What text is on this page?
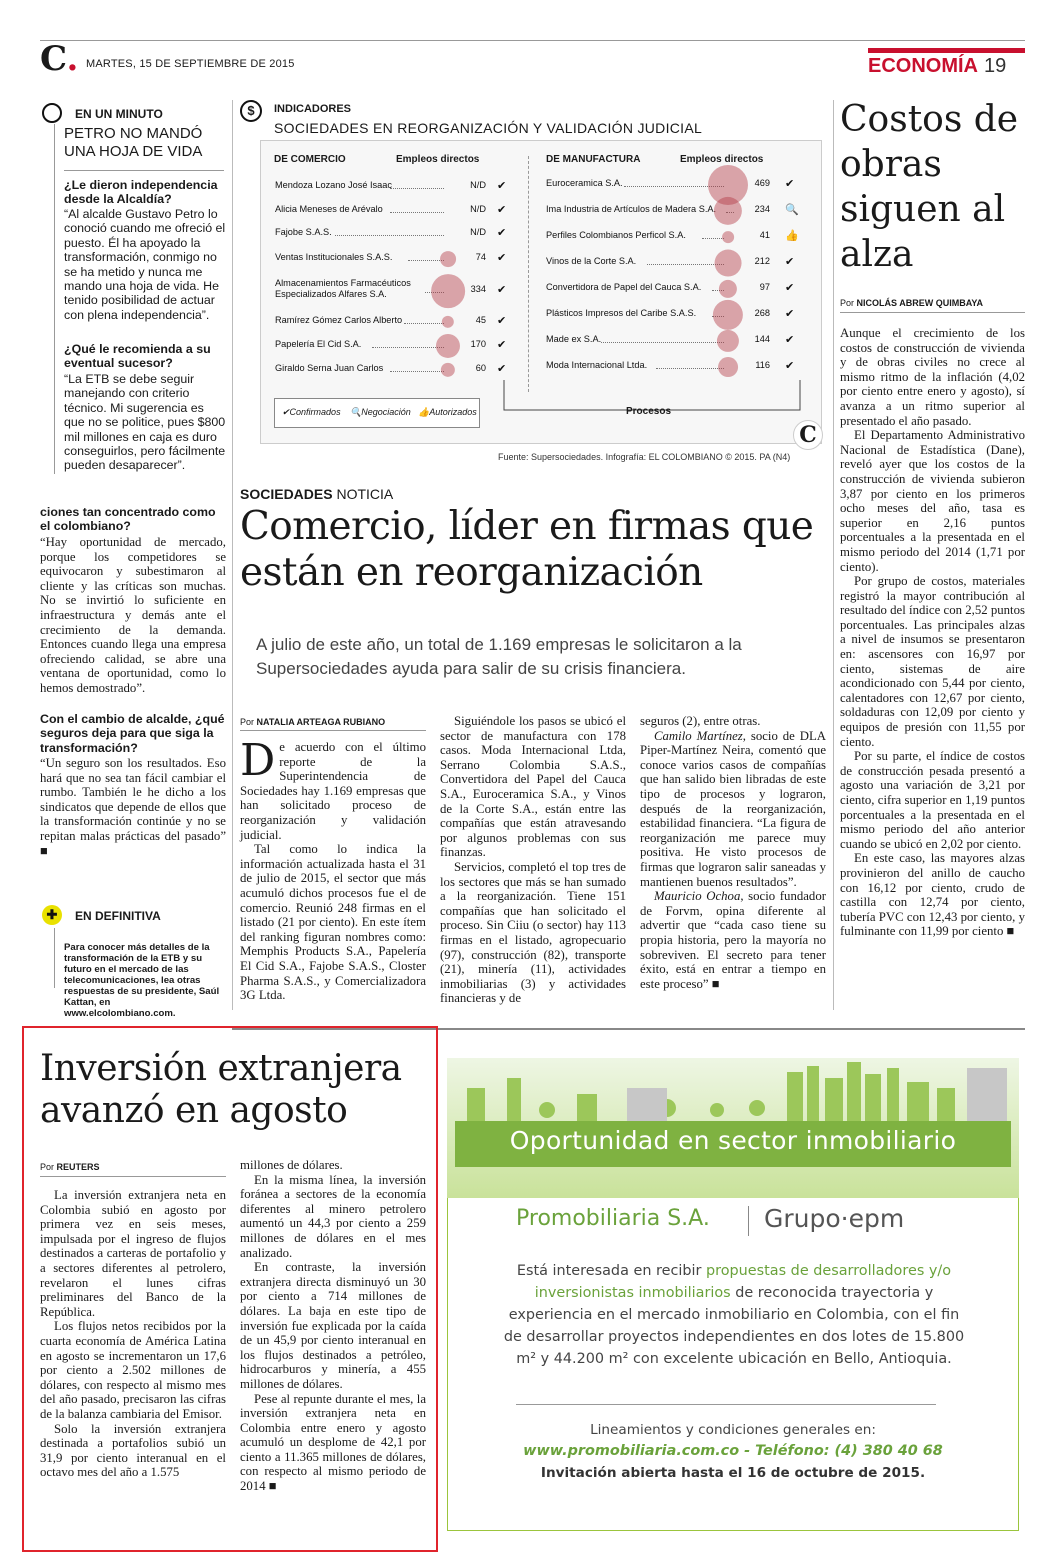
C. MARTES, 15 DE SEPTIEMBRE DE 2015	ECONOMÍA 19
EN UN MINUTO
PETRO NO MANDÓ UNA HOJA DE VIDA
¿Le dieron independencia desde la Alcaldía?
“Al alcalde Gustavo Petro lo conoció cuando me ofreció el puesto. Él ha apoyado la transformación, conmigo no se ha metido y nunca me mando una hoja de vida. He tenido posibilidad de actuar con plena independencia”.
¿Qué le recomienda a su eventual sucesor?
“La ETB se debe seguir manejando con criterio técnico. Mi sugerencia es que no se politice, pues $800 mil millones en caja es duro conseguirlos, pero fácilmente pueden desaparecer”.
ciones tan concentrado como el colombiano?
“Hay oportunidad de mercado, porque los competidores se equivocaron y subestimaron al cliente y las críticas son muchas. No se invirtió lo suficiente en infraestructura y demás ante el crecimiento de la demanda. Entonces cuando llega una empresa ofreciendo calidad, se abre una ventana de oportunidad, como lo hemos demostrado”.
Con el cambio de alcalde, ¿qué seguros deja para que siga la transformación?
“Un seguro son los resultados. Eso hará que no sea tan fácil cambiar el rumbo. También le he dicho a los sindicatos que depende de ellos que la transformación continúe y no se repitan malas prácticas del pasado” ■
✚	EN DEFINITIVA
Para conocer más detalles de la transformación de la ETB y su futuro en el mercado de las telecomunicaciones, lea otras respuestas de su presidente, Saúl Kattan, en www.elcolombiano.com.
$	INDICADORES
SOCIEDADES EN REORGANIZACIÓN Y VALIDACIÓN JUDICIAL
DE COMERCIO	Empleos directos	DE MANUFACTURA	Empleos directos
Procesos
✔Confirmados 🔍Negociación 👍Autorizados
C
Fuente: Supersociedades. Infografía: EL COLOMBIANO © 2015. PA (N4)
Mendoza Lozano José Isaac	N/D ✔
Alicia Meneses de Arévalo	N/D ✔
Fajobe S.A.S.	N/D ✔
Ventas Institucionales S.A.S.	74 ✔
Almacenamientos Farmacéuticos Especializados Alfares S.A.	334 ✔
Ramírez Gómez Carlos Alberto	45 ✔
Papelería El Cid S.A.	170 ✔
Giraldo Serna Juan Carlos	60 ✔
Euroceramica S.A.	469 ✔
Ima Industria de Artículos de Madera S.A.	234 🔍
Perfiles Colombianos Perficol S.A.	41 👍
Vinos de la Corte S.A.	212 ✔
Convertidora de Papel del Cauca S.A.	97 ✔
Plásticos Impresos del Caribe S.A.S.	268 ✔
Made ex S.A.	144 ✔
Moda Internacional Ltda.	116 ✔
SOCIEDADES NOTICIA
Comercio, líder en firmas que están en reorganización
A julio de este año, un total de 1.169 empresas le solicitaron a la Supersociedades ayuda para salir de su crisis financiera.
Por NATALIA ARTEAGA RUBIANO
De acuerdo con el último reporte de la Superintendencia de Sociedades hay 1.169 empresas que han solicitado proceso de reorganización y validación judicial.
Tal como lo indica la información actualizada hasta el 31 de julio de 2015, el sector que más acumuló dichos procesos fue el de comercio. Reunió 248 firmas en el listado (21 por ciento). En este ítem del ranking figuran nombres como: Memphis Products S.A., Papelería El Cid S.A., Fajobe S.A.S., Closter Pharma S.A.S., y Comercializadora 3G Ltda.
Siguiéndole los pasos se ubicó el sector de manufactura con 178 casos. Moda Internacional Ltda, Serrano Colombia S.A.S., Convertidora del Papel del Cauca S.A., Euroceramica S.A., y Vinos de la Corte S.A., están entre las compañías que están atravesando por algunos problemas con sus finanzas.
Servicios, completó el top tres de los sectores que más se han sumado a la reorganización. Tiene 151 compañías que han solicitado el proceso. Sin Ciiu (o sector) hay 113 firmas en el listado, agropecuario (97), construcción (82), transporte (21), minería (11), actividades inmobiliarias (3) y actividades financieras y de
seguros (2), entre otras.
Camilo Martínez, socio de DLA Piper-Martínez Neira, comentó que conoce varios casos de compañías que han salido bien libradas de este tipo de procesos y lograron, después de la reorganización, estabilidad financiera. “La figura de reorganización me parece muy positiva. He visto procesos de firmas que lograron salir saneadas y mantienen buenos resultados”.
Mauricio Ochoa, socio fundador de Forvm, opina diferente al advertir que “cada caso tiene su propia historia, pero la mayoría no sobreviven. El secreto para tener éxito, está en entrar a tiempo en este proceso” ■
Costos de obras siguen al alza
Por NICOLÁS ABREW QUIMBAYA
Aunque el crecimiento de los costos de construcción de vivienda y de obras civiles no crece al mismo ritmo de la inflación (4,02 por ciento entre enero y agosto), sí avanza a un ritmo superior al presentado el año pasado.
El Departamento Administrativo Nacional de Estadística (Dane), reveló ayer que los costos de la construcción de vivienda subieron 3,87 por ciento en los primeros ocho meses del año, tasa es superior en 2,16 puntos porcentuales a la presentada en el mismo periodo del 2014 (1,71 por ciento).
Por grupo de costos, materiales registró la mayor contribución al resultado del índice con 2,52 puntos porcentuales. Las principales alzas a nivel de insumos se presentaron en: ascensores con 16,97 por ciento, sistemas de aire acondicionado con 5,44 por ciento, calentadores con 12,67 por ciento, soldaduras con 12,09 por ciento y equipos de presión con 11,55 por ciento.
Por su parte, el índice de costos de construcción pesada presentó a agosto una variación de 3,21 por ciento, cifra superior en 1,19 puntos porcentuales a la presentada en el mismo periodo del año anterior cuando se ubicó en 2,02 por ciento.
En este caso, las mayores alzas provinieron del anillo de caucho con 16,12 por ciento, crudo de castilla con 12,74 por ciento, tubería PVC con 12,43 por ciento, y fulminante con 11,99 por ciento ■
Inversión extranjera avanzó en agosto
Por REUTERS
La inversión extranjera neta en Colombia subió en agosto por primera vez en seis meses, impulsada por el ingreso de flujos destinados a carteras de portafolio y a sectores diferentes al petrolero, revelaron el lunes cifras preliminares del Banco de la República.
Los flujos netos recibidos por la cuarta economía de América Latina en agosto se incrementaron un 17,6 por ciento a 2.502 millones de dólares, con respecto al mismo mes del año pasado, precisaron las cifras de la balanza cambiaria del Emisor.
Solo la inversión extranjera destinada a portafolios subió un 31,9 por ciento interanual en el octavo mes del año a 1.575
millones de dólares.
En la misma línea, la inversión foránea a sectores de la economía diferentes al minero petrolero aumentó un 44,3 por ciento a 259 millones de dólares en el mes analizado.
En contraste, la inversión extranjera directa disminuyó un 30 por ciento a 714 millones de dólares. La baja en este tipo de inversión fue explicada por la caída de un 45,9 por ciento interanual en los flujos destinados a petróleo, hidrocarburos y minería, a 455 millones de dólares.
Pese al repunte durante el mes, la inversión extranjera neta en Colombia entre enero y agosto acumuló un desplome de 42,1 por ciento a 11.365 millones de dólares, con respecto al mismo periodo de 2014 ■
Oportunidad en sector inmobiliario
Promobiliaria S.A. Grupo·epm
Está interesada en recibir propuestas de desarrolladores y/o inversionistas inmobiliarios de reconocida trayectoria y experiencia en el mercado inmobiliario en Colombia, con el fin de desarrollar proyectos independientes en dos lotes de 15.800 m² y 44.200 m² con excelente ubicación en Bello, Antioquia.
Lineamientos y condiciones generales en:
www.promobiliaria.com.co - Teléfono: (4) 380 40 68
Invitación abierta hasta el 16 de octubre de 2015.
